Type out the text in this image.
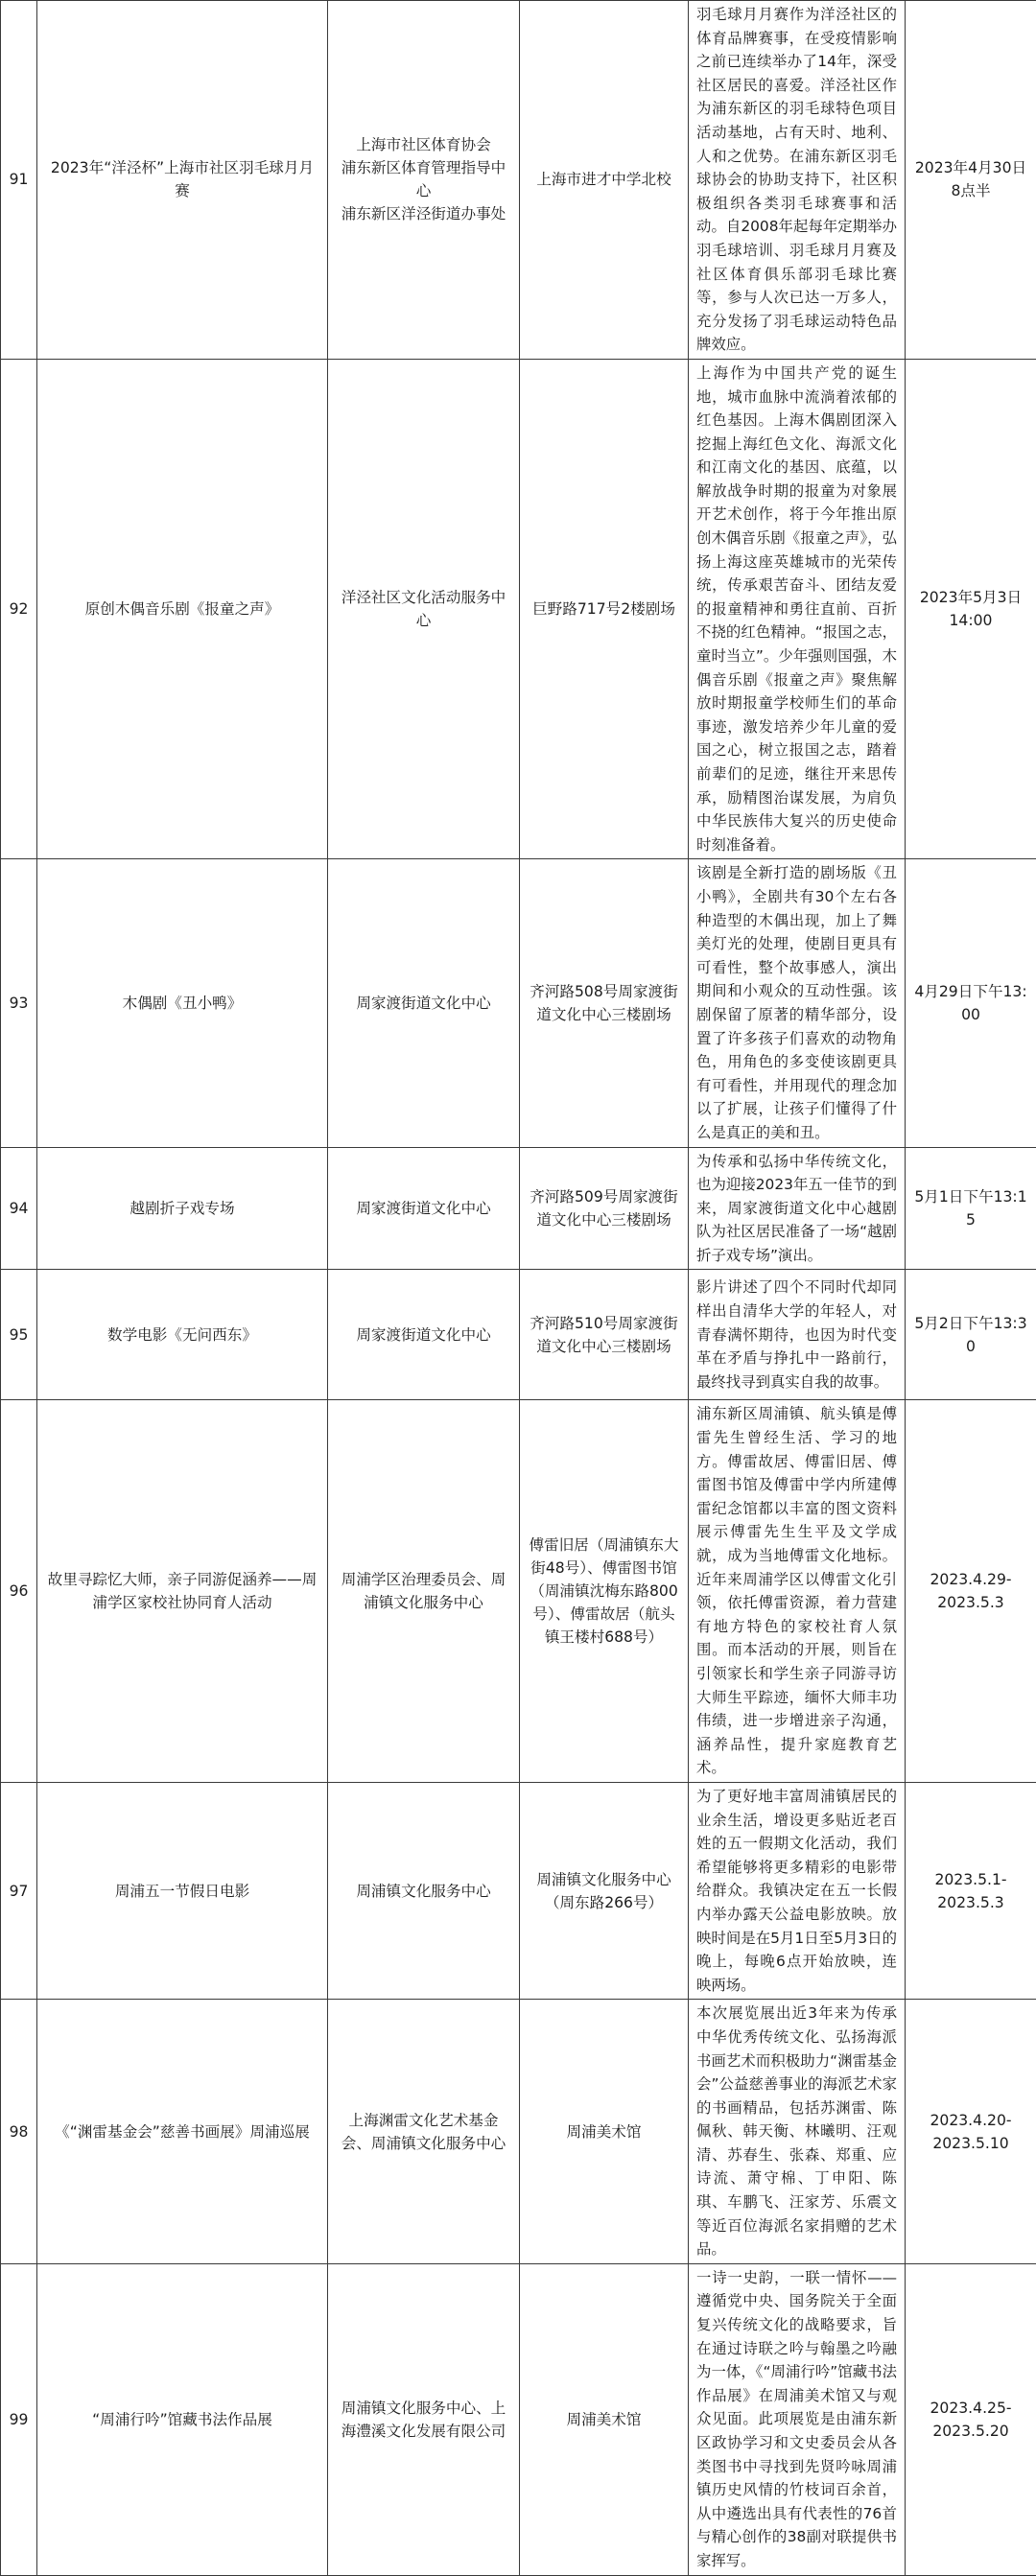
91	2023年“洋泾杯”上海市社区羽毛球月月赛	上海市社区体育协会
浦东新区体育管理指导中心
浦东新区洋泾街道办事处	上海市进才中学北校	羽毛球月月赛作为洋泾社区的体育品牌赛事，在受疫情影响之前已连续举办了14年，深受社区居民的喜爱。洋泾社区作为浦东新区的羽毛球特色项目活动基地，占有天时、地利、人和之优势。在浦东新区羽毛球协会的协助支持下，社区积极组织各类羽毛球赛事和活动。自2008年起每年定期举办羽毛球培训、羽毛球月月赛及社区体育俱乐部羽毛球比赛等，参与人次已达一万多人，充分发扬了羽毛球运动特色品牌效应。	2023年4月30日8点半
92	原创木偶音乐剧《报童之声》	洋泾社区文化活动服务中心	巨野路717号2楼剧场	上海作为中国共产党的诞生地，城市血脉中流淌着浓郁的红色基因。上海木偶剧团深入挖掘上海红色文化、海派文化和江南文化的基因、底蕴，以解放战争时期的报童为对象展开艺术创作，将于今年推出原创木偶音乐剧《报童之声》，弘扬上海这座英雄城市的光荣传统，传承艰苦奋斗、团结友爱的报童精神和勇往直前、百折不挠的红色精神。“报国之志，童时当立”。少年强则国强，木偶音乐剧《报童之声》聚焦解放时期报童学校师生们的革命事迹，激发培养少年儿童的爱国之心，树立报国之志，踏着前辈们的足迹，继往开来思传承，励精图治谋发展，为肩负中华民族伟大复兴的历史使命时刻准备着。	2023年5月3日
14:00

93	木偶剧《丑小鸭》	周家渡街道文化中心	齐河路508号周家渡街道文化中心三楼剧场	该剧是全新打造的剧场版《丑小鸭》，全剧共有30个左右各种造型的木偶出现，加上了舞美灯光的处理，使剧目更具有可看性，整个故事感人，演出期间和小观众的互动性强。该剧保留了原著的精华部分，设置了许多孩子们喜欢的动物角色，用角色的多变使该剧更具有可看性，并用现代的理念加以了扩展，让孩子们懂得了什么是真正的美和丑。	4月29日下午13:00
94	越剧折子戏专场	周家渡街道文化中心	齐河路509号周家渡街道文化中心三楼剧场	为传承和弘扬中华传统文化，也为迎接2023年五一佳节的到来，周家渡街道文化中心越剧队为社区居民准备了一场“越剧折子戏专场”演出。	5月1日下午13:15
95	数学电影《无问西东》	周家渡街道文化中心	齐河路510号周家渡街道文化中心三楼剧场	影片讲述了四个不同时代却同样出自清华大学的年轻人，对青春满怀期待，也因为时代变革在矛盾与挣扎中一路前行，最终找寻到真实自我的故事。	5月2日下午13:30
96	故里寻踪忆大师，亲子同游促涵养——周浦学区家校社协同育人活动	周浦学区治理委员会、周浦镇文化服务中心	傅雷旧居（周浦镇东大街48号）、傅雷图书馆（周浦镇沈梅东路800号）、傅雷故居（航头镇王楼村688号）	浦东新区周浦镇、航头镇是傅雷先生曾经生活、学习的地方。傅雷故居、傅雷旧居、傅雷图书馆及傅雷中学内所建傅雷纪念馆都以丰富的图文资料展示傅雷先生生平及文学成就，成为当地傅雷文化地标。近年来周浦学区以傅雷文化引领，依托傅雷资源，着力营建有地方特色的家校社育人氛围。而本活动的开展，则旨在引领家长和学生亲子同游寻访大师生平踪迹，缅怀大师丰功伟绩，进一步增进亲子沟通，涵养品性，提升家庭教育艺术。	2023.4.29-
2023.5.3

97	周浦五一节假日电影	周浦镇文化服务中心	周浦镇文化服务中心
（周东路266号）	为了更好地丰富周浦镇居民的业余生活，增设更多贴近老百姓的五一假期文化活动，我们希望能够将更多精彩的电影带给群众。我镇决定在五一长假内举办露天公益电影放映。放映时间是在5月1日至5月3日的晚上，每晚6点开始放映，连映两场。	2023.5.1-
2023.5.3

98	《“渊雷基金会”慈善书画展》周浦巡展	上海渊雷文化艺术基金会、周浦镇文化服务中心	周浦美术馆	本次展览展出近3年来为传承中华优秀传统文化、弘扬海派书画艺术而积极助力“渊雷基金会”公益慈善事业的海派艺术家的书画精品，包括苏渊雷、陈佩秋、韩天衡、林曦明、汪观清、苏春生、张森、郑重、应诗流、萧守棉、丁申阳、陈琪、车鹏飞、汪家芳、乐震文等近百位海派名家捐赠的艺术品。	2023.4.20-
2023.5.10

99	“周浦行吟”馆藏书法作品展	周浦镇文化服务中心、上海澧溪文化发展有限公司	周浦美术馆	一诗一史韵，一联一情怀——遵循党中央、国务院关于全面复兴传统文化的战略要求，旨在通过诗联之吟与翰墨之吟融为一体，《“周浦行吟”馆藏书法作品展》在周浦美术馆又与观众见面。此项展览是由浦东新区政协学习和文史委员会从各类图书中寻找到先贤吟咏周浦镇历史风情的竹枝词百余首，从中遴选出具有代表性的76首与精心创作的38副对联提供书家挥写。	2023.4.25-
2023.5.20
